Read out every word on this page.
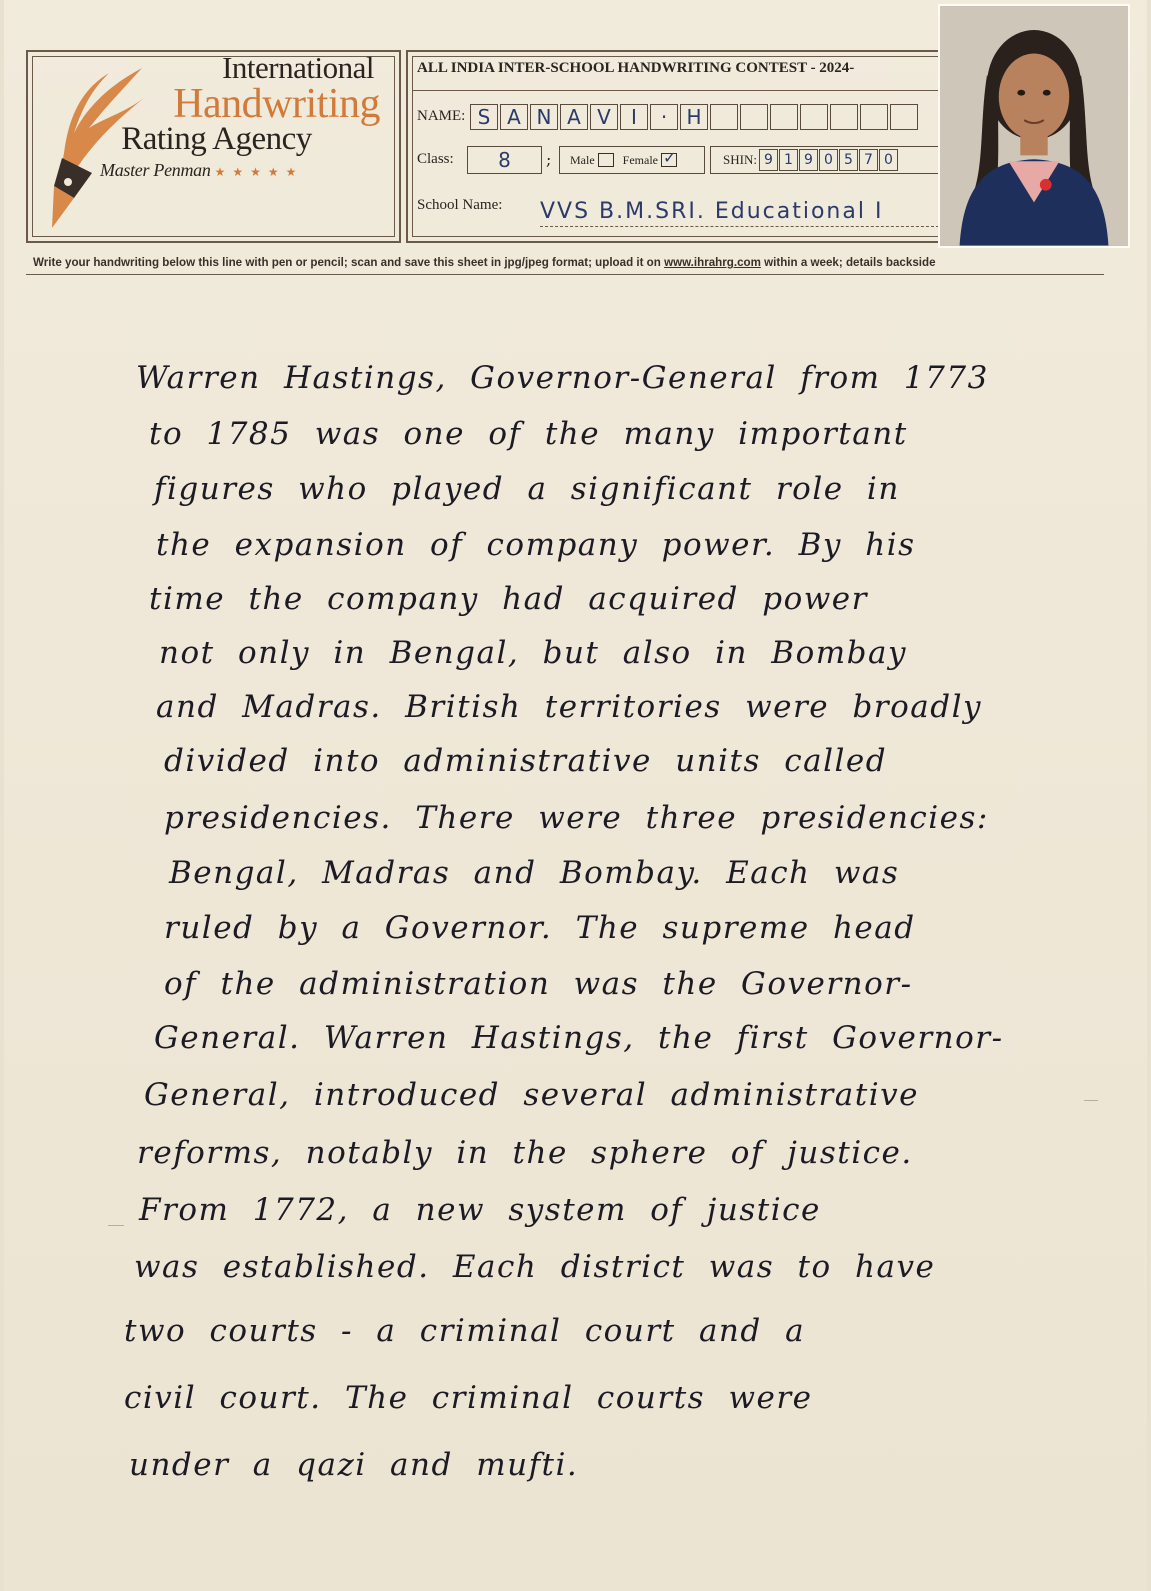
International
Handwriting
Rating Agency
Master Penman ★ ★ ★ ★ ★
ALL INDIA INTER-SCHOOL HANDWRITING CONTEST - 2024-
NAME: S A N A V	I	· H
Class:	8	; Male Female ✓	SHIN: 9 1 9 0 5 7 0
School Name: VVS B.M.SRI. Educational I
Write your handwriting below this line with pen or pencil; scan and save this sheet in jpg/jpeg format; upload it on www.ihrahrg.com within a week; details backside
Warren Hastings, Governor-General from 1773
to 1785 was one of the many important
figures who played a significant role in
the expansion of company power. By his
time the company had acquired power
not only in Bengal, but also in Bombay
and Madras. British territories were broadly
divided into administrative units called
presidencies. There were three presidencies:
Bengal, Madras and Bombay. Each was
ruled by a Governor. The supreme head
of the administration was the Governor-
General. Warren Hastings, the first Governor-
General, introduced several administrative
reforms, notably in the sphere of justice.
From 1772, a new system of justice
was established. Each district was to have
two courts - a criminal court and a
civil court. The criminal courts were
under a qazi and mufti.
